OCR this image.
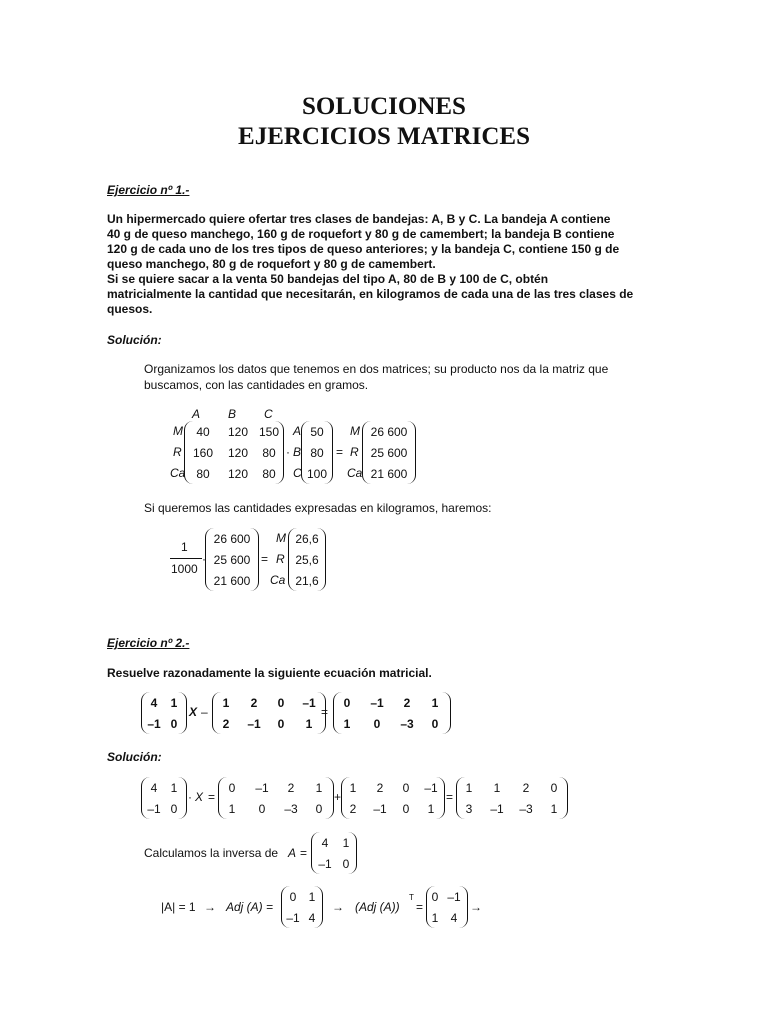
SOLUCIONES
EJERCICIOS MATRICES
Ejercicio nº 1.-
Un hipermercado quiere ofertar tres clases de bandejas: A, B y C. La bandeja A contiene
40 g de queso manchego, 160 g de roquefort y 80 g de camembert; la bandeja B contiene
120 g de cada uno de los tres tipos de queso anteriores; y la bandeja C, contiene 150 g de
queso manchego, 80 g de roquefort y 80 g de camembert.
Si se quiere sacar a la venta 50 bandejas del tipo A, 80 de B y 100 de C, obtén
matricialmente la cantidad que necesitarán, en kilogramos de cada una de las tres clases de
quesos.
Solución:
Organizamos los datos que tenemos en dos matrices; su producto nos da la matriz que
buscamos, con las cantidades en gramos.
A B C
M
R
Ca
40	120 150
160	120	80
80	120	80
·
A
B
C
50
80
100
=
M
R
Ca
26 600
25 600
21 600
Si queremos las cantidades expresadas en kilogramos, haremos:
1
1000
·
26 600
25 600
21 600
=
M
R
Ca
26,6
25,6
21,6
Ejercicio nº 2.-
Resuelve razonadamente la siguiente ecuación matricial.
4	1
–1 0
X –
1	2	0	–1
2	–1	0	1
=
0	–1	2	1
1	0	–3	0
Solución:
4	1
–1 0
· X =
0	–1	2	1
1	0	–3	0
+
1	2	0	–1
2	–1	0	1
=
1	1	2	0
3	–1	–3	1
Calculamos la inversa de A =
4	1
–1 0
|A| = 1 → Adj (A) =
0	1
–1 4
→ (Adj (A))
T
=
0 –1
1	4
→
